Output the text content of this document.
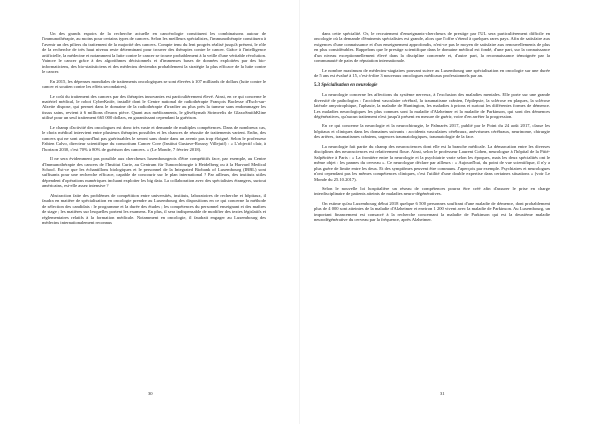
Un des grands espoirs de la recherche actuelle en cancérologie constituent les combinaisons autour de l'immunothérapie, au moins pour certains types de cancers. Selon les meilleurs spécialistes, l'immunothérapie constituera à l'avenir un des piliers du traitement de la majorité des cancers. Compte tenu du lent progrès réalisé jusqu'à présent, le rôle de la recherche de très haut niveau reste déterminant pour trouver des thérapies contre le cancer. Grâce à l'intelligence artificielle, la médecine et notamment la lutte contre le cancer se trouve probablement à la veille d'une véritable révolution. Vaincre le cancer grâce à des algorithmes décisionnels et d'immenses bases de données exploitées par des bio-informaticiens, des bio-statisticiens et des médecins deviendra probablement la stratégie la plus efficace de la lutte contre le cancer.

En 2015, les dépenses mondiales de traitements oncologiques se sont élevées à 107 milliards de dollars (lutte contre le cancer et soutien contre les effets secondaires).

Le coût du traitement des cancers par des thérapies innovantes est particulièrement élevé. Ainsi, en ce qui concerne le matériel médical, le robot CyberKnife, installé dont le Centre national de radiothérapie François Baclesse d'Esch-sur-Alzette dispose, qui permet dans le domaine de la radiothérapie d'irradier au plus près la tumeur sans endommager les tissus sains, revient à 6 millions d'euros pièce. Quant aux médicaments, le glivékymab Strimvelis de GlaxoSmithKline utilisé pour un seul traitement 665 000 dollars, en garantissant cependant la guérison.

Le champ d'activité des oncologues est donc très vaste et demande de multiples compétences. Dans de nombreux cas, le choix médical intervient entre plusieurs thérapies possibles et les chances de réussite de traitements varient. Enfin, des cancers qui ne sont aujourd'hui pas guérissables le seront sans doute dans un avenir pas trop éloigné. Selon le professeur Fabien Calvo, directeur scientifique du consortium Cancer Core (Institut Gustave-Roussy Villejuif) : « L'objectif clair, à l'horizon 2030, c'est 70% à 80% de guérison des cancers. » (Le Monde, 7 février 2018).

Il ne sera évidemment pas possible aux chercheurs luxembourgeois d'être compétitifs face, par exemple, au Centre d'Immunothérapie des cancers de l'Institut Curie, au Centrum für Tumorchirurgie à Heidelberg ou à la Harvard Medical School. Est-ce que les échantillons biologiques et le personnel de la Integrated Biobank of Luxembourg (IBBL) sont suffisants pour une recherche efficace, capable de concourir sur le plan international ? Par ailleurs, des instituts utiles dépendent d'opérations numériques incluant exploiter les big data. La collaboration avec des spécialistes étrangers, surtout américains, est-elle assez intensive ?

Abstraction faite des problèmes de compétition entre universités, instituts, laboratoires de recherche et hôpitaux, il faudra en matière de spécialisation en oncologie prendre au Luxembourg des dispositions en ce qui concerne la méthode de sélection des candidats : le programme et la durée des études ; les compétences du personnel enseignant et des maîtres de stage ; les matières sur lesquelles portent les examens. En plus, il sera indispensable de modifier des textes législatifs et réglementaires relatifs à la formation médicale. Notamment en oncologie, il faudrait engager au Luxembourg des médecins internationalement reconnus

30

dans cette spécialité. Or, le recrutement d'enseignants-chercheurs de prestige par l'UL sera particulièrement difficile en oncologie où la demande d'éminents spécialistes est grande, alors que l'offre s'étend à quelques rares pays. Afin de satisfaire aux exigences d'une connaissance et d'un enseignement approfondis, n'est-ce pas le moyen de satisfaire aux renouvellements de plus en plus considérables. Rappelons que le prestige scientifique dans le domaine médical est fondé, d'une part, sur la connaissance d'un niveau exceptionnellement élevé dans la discipline concernée et, d'autre part, la reconnaissance témoignée par la communauté de pairs de réputation internationale.

Le nombre maximum de médecins-stagiaires pouvant suivre au Luxembourg une spécialisation en oncologie sur une durée de 5 ans est évalué à 15, c'est-à-dire 3 nouveaux oncologues médicaux professionnels par an.

5.3 Spécialisation en neurologie

La neurologie concerne les affections du système nerveux, à l'exclusion des maladies mentales. Elle porte sur une grande diversité de pathologies : l'accident vasculaire cérébral, la traumatisme crânien, l'épilepsie, la sclérose en plaques, la sclérose latérale amyotrophique, l'aphasie, la maladie de Huntington, les maladies à prions et surtout les différentes formes de démence. Les maladies neurologiques les plus connues sont la maladie d'Alzheimer et la maladie de Parkinson, qui sont des démences dégénératives, qu'aucun traitement n'est jusqu'à présent en mesure de guérir, voire d'en arrêter la progression.

En ce qui concerne la neurologie et la neurochirurgie, le Palmarès 2017, publié par le Point du 24 août 2017, classe les hôpitaux et cliniques dans les domaines suivants : accidents vasculaires cérébraux, anévrismes cérébraux, neurinome, chirurgie des artères, traumatismes crâniens, urgences traumatologiques, traumatologie de la face.

La neurologie fait partie du champ des neurosciences dont elle est la branche médicale. La démarcation entre les diverses disciplines des neurosciences est relativement floue. Ainsi, selon le professeur Laurent Cohen, neurologue à l'hôpital de la Pitié-Salpêtrière à Paris : « La frontière entre la neurologie et la psychiatrie varie selon les époques, mais les deux spécialités ont le même objet : les pannes du cerveau ». Ce neurologue déclare par ailleurs : « Aujourd'hui, du point de vue scientifique, il n'y a plus guère de limite entre les deux. Et des symptômes peuvent être communs. J'aperçois par exemple. Psychiatres et neurologues n'ont cependant pas les mêmes compétences cliniques, c'est l'utilité d'une double expertise dans certaines situations » (voir Le Monde du 25.10.2017).

Selon le nouvelle loi hospitalière un réseau de compétences pourra être créé afin d'assurer le prise en charge interdisciplinaire de patients atteints de maladies neuro-dégénératives.

On estime qu'au Luxembourg début 2018 quelque 6 500 personnes souffrant d'une maladie de démence, dont probablement plus de 4 000 sont atteintes de la maladie d'Alzheimer et environ 1 200 vivent avec la maladie de Parkinson. Au Luxembourg, un important financement est consacré à la recherche concernant la maladie de Parkinson qui est la deuxième maladie neurodégénérative du cerveau par la fréquence, après Alzheimer.

31
